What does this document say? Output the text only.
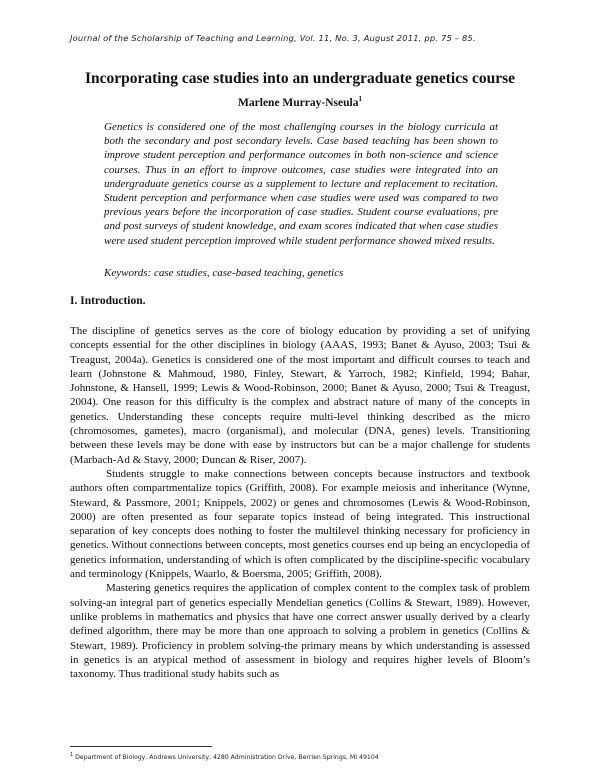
Journal of the Scholarship of Teaching and Learning, Vol. 11, No. 3, August 2011, pp. 75 – 85.
Incorporating case studies into an undergraduate genetics course
Marlene Murray-Nseula$^1$
Genetics is considered one of the most challenging courses in the biology curricula at both the secondary and post secondary levels. Case based teaching has been shown to improve student perception and performance outcomes in both non-science and science courses. Thus in an effort to improve outcomes, case studies were integrated into an undergraduate genetics course as a supplement to lecture and replacement to recitation. Student perception and performance when case studies were used was compared to two previous years before the incorporation of case studies. Student course evaluations, pre and post surveys of student knowledge, and exam scores indicated that when case studies were used student perception improved while student performance showed mixed results.
Keywords: case studies, case-based teaching, genetics
I. Introduction.

The discipline of genetics serves as the core of biology education by providing a set of unifying concepts essential for the other disciplines in biology (AAAS, 1993; Banet & Ayuso, 2003; Tsui & Treagust, 2004a). Genetics is considered one of the most important and difficult courses to teach and learn (Johnstone & Mahmoud, 1980, Finley, Stewart, & Yarroch, 1982; Kinfield, 1994; Bahar, Johnstone, & Hansell, 1999; Lewis & Wood-Robinson, 2000; Banet & Ayuso, 2000; Tsui & Treagust, 2004). One reason for this difficulty is the complex and abstract nature of many of the concepts in genetics. Understanding these concepts require multi-level thinking described as the micro (chromosomes, gametes), macro (organismal), and molecular (DNA, genes) levels. Transitioning between these levels may be done with ease by instructors but can be a major challenge for students (Marbach-Ad & Stavy, 2000; Duncan & Riser, 2007).

Students struggle to make connections between concepts because instructors and textbook authors often compartmentalize topics (Griffith, 2008). For example meiosis and inheritance (Wynne, Steward, & Passmore, 2001; Knippels, 2002) or genes and chromosomes (Lewis & Wood-Robinson, 2000) are often presented as four separate topics instead of being integrated. This instructional separation of key concepts does nothing to foster the multilevel thinking necessary for proficiency in genetics. Without connections between concepts, most genetics courses end up being an encyclopedia of genetics information, understanding of which is often complicated by the discipline-specific vocabulary and terminology (Knippels, Waarlo, & Boersma, 2005; Griffith, 2008).

Mastering genetics requires the application of complex content to the complex task of problem solving-an integral part of genetics especially Mendelian genetics (Collins & Stewart, 1989). However, unlike problems in mathematics and physics that have one correct answer usually derived by a clearly defined algorithm, there may be more than one approach to solving a problem in genetics (Collins & Stewart, 1989). Proficiency in problem solving-the primary means by which understanding is assessed in genetics is an atypical method of assessment in biology and requires higher levels of Bloom’s taxonomy. Thus traditional study habits such as

$^1$ Department of Biology, Andrews University, 4280 Administration Drive, Berrien Springs, MI 49104
